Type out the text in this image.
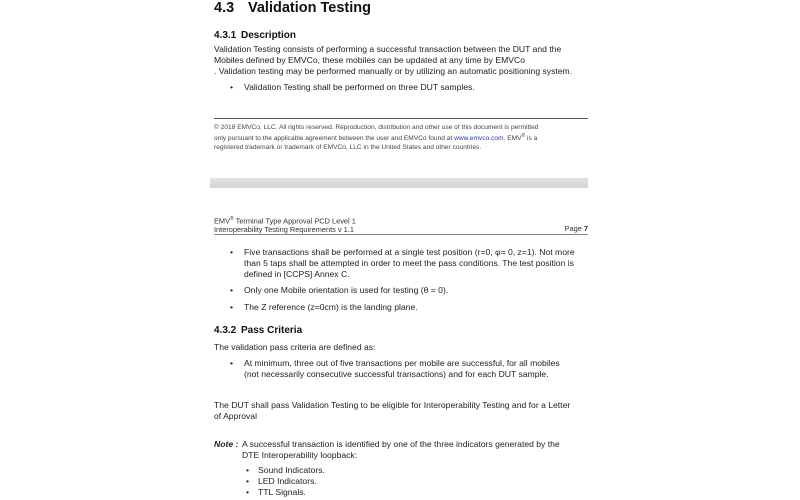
4.3 Validation Testing
4.3.1 Description
Validation Testing consists of performing a successful transaction between the DUT and the
Mobiles defined by EMVCo, these mobiles can be updated at any time by EMVCo
. Validation testing may be performed manually or by utilizing an automatic positioning system.
• Validation Testing shall be performed on three DUT samples.
© 2018 EMVCo, LLC. All rights reserved. Reproduction, distribution and other use of this document is permitted
only pursuant to the applicable agreement between the user and EMVCo found at www.emvco.com. EMV® is a
registered trademark or trademark of EMVCo, LLC in the United States and other countries.
EMV® Terminal Type Approval PCD Level 1
Interoperability Testing Requirements v 1.1	Page 7
• Five transactions shall be performed at a single test position (r=0, φ= 0, z=1). Not more
than 5 taps shall be attempted in order to meet the pass conditions. The test position is
defined in [CCPS] Annex C.
• Only one Mobile orientation is used for testing (θ = 0).
• The Z reference (z=0cm) is the landing plane.
4.3.2 Pass Criteria
The validation pass criteria are defined as:
• At minimum, three out of five transactions per mobile are successful, for all mobiles
(not necessarily consecutive successful transactions) and for each DUT sample.
The DUT shall pass Validation Testing to be eligible for Interoperability Testing and for a Letter
of Approval
Note : A successful transaction is identified by one of the three indicators generated by the
DTE Interoperability loopback:
• Sound Indicators.
• LED Indicators.
• TTL Signals.
